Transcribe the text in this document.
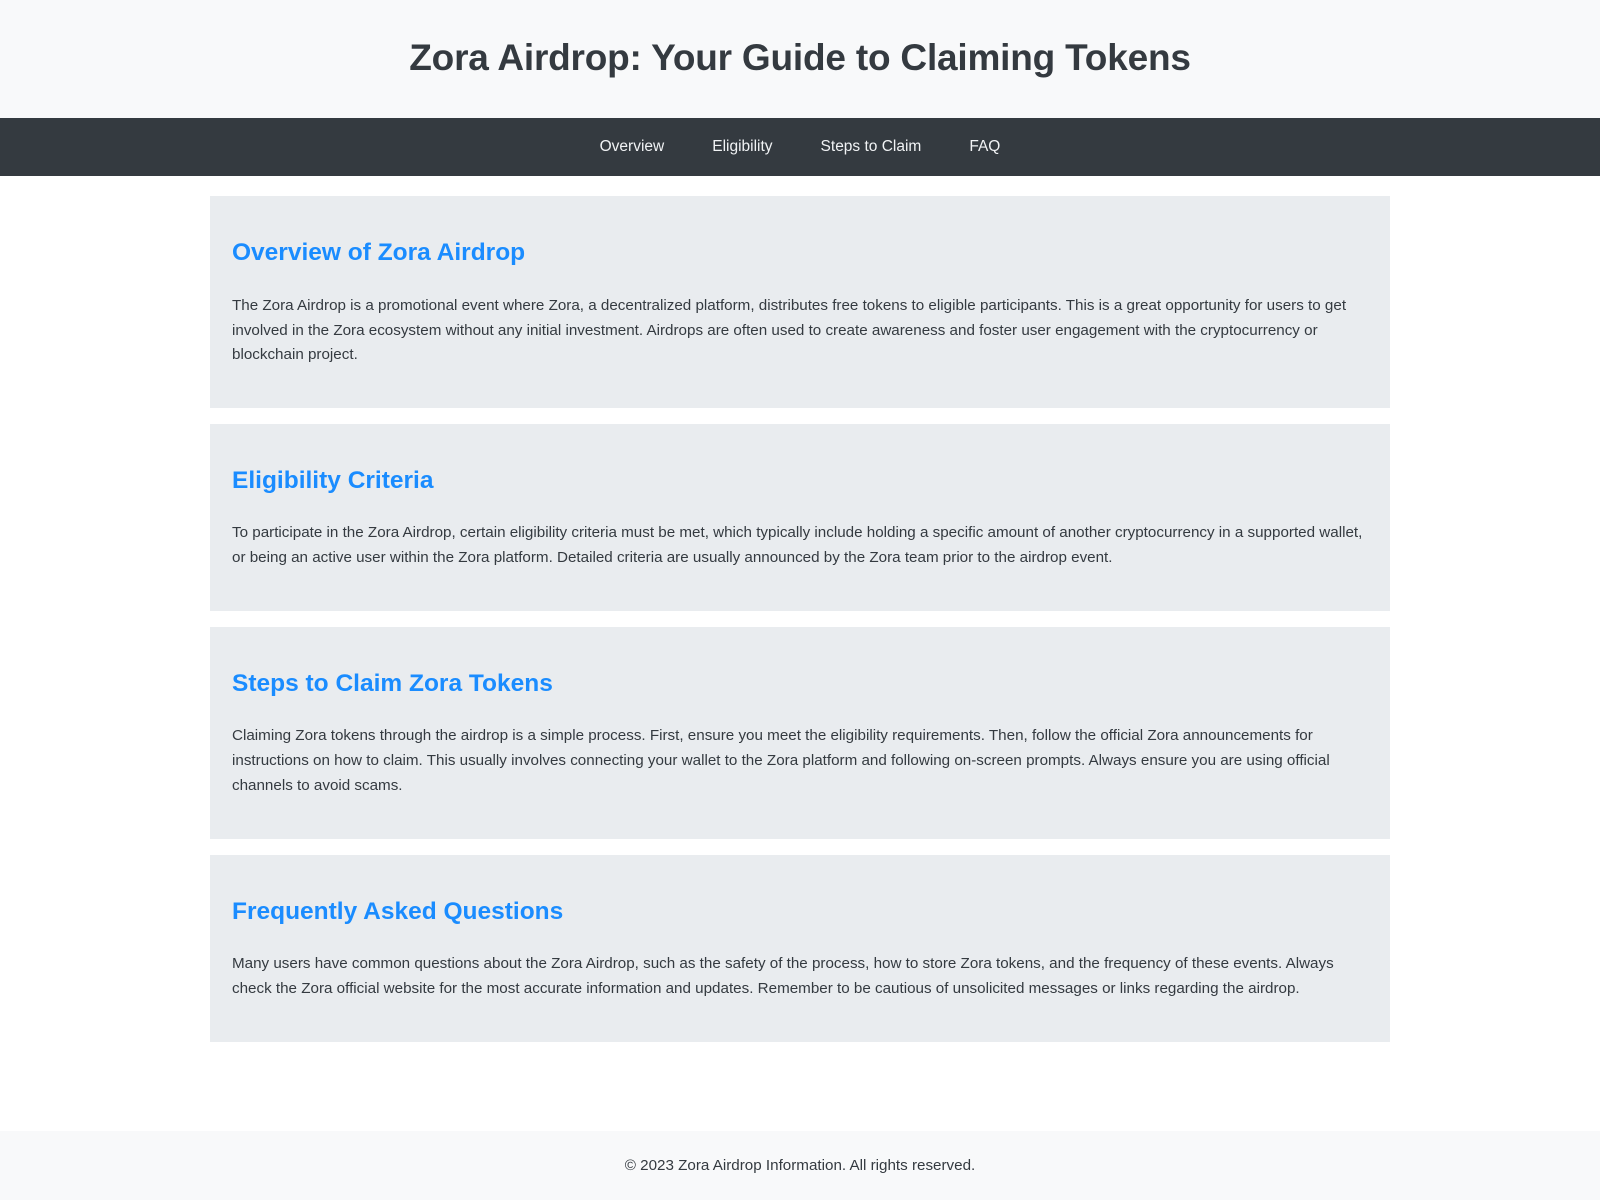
Zora Airdrop: Your Guide to Claiming Tokens
Overview	Eligibility	Steps to Claim	FAQ
Overview of Zora Airdrop

The Zora Airdrop is a promotional event where Zora, a decentralized platform, distributes free tokens to eligible participants. This is a great opportunity for users to get involved in the Zora ecosystem without any initial investment. Airdrops are often used to create awareness and foster user engagement with the cryptocurrency or blockchain project.

Eligibility Criteria

To participate in the Zora Airdrop, certain eligibility criteria must be met, which typically include holding a specific amount of another cryptocurrency in a supported wallet, or being an active user within the Zora platform. Detailed criteria are usually announced by the Zora team prior to the airdrop event.

Steps to Claim Zora Tokens

Claiming Zora tokens through the airdrop is a simple process. First, ensure you meet the eligibility requirements. Then, follow the official Zora announcements for instructions on how to claim. This usually involves connecting your wallet to the Zora platform and following on-screen prompts. Always ensure you are using official channels to avoid scams.

Frequently Asked Questions

Many users have common questions about the Zora Airdrop, such as the safety of the process, how to store Zora tokens, and the frequency of these events. Always check the Zora official website for the most accurate information and updates. Remember to be cautious of unsolicited messages or links regarding the airdrop.

© 2023 Zora Airdrop Information. All rights reserved.
